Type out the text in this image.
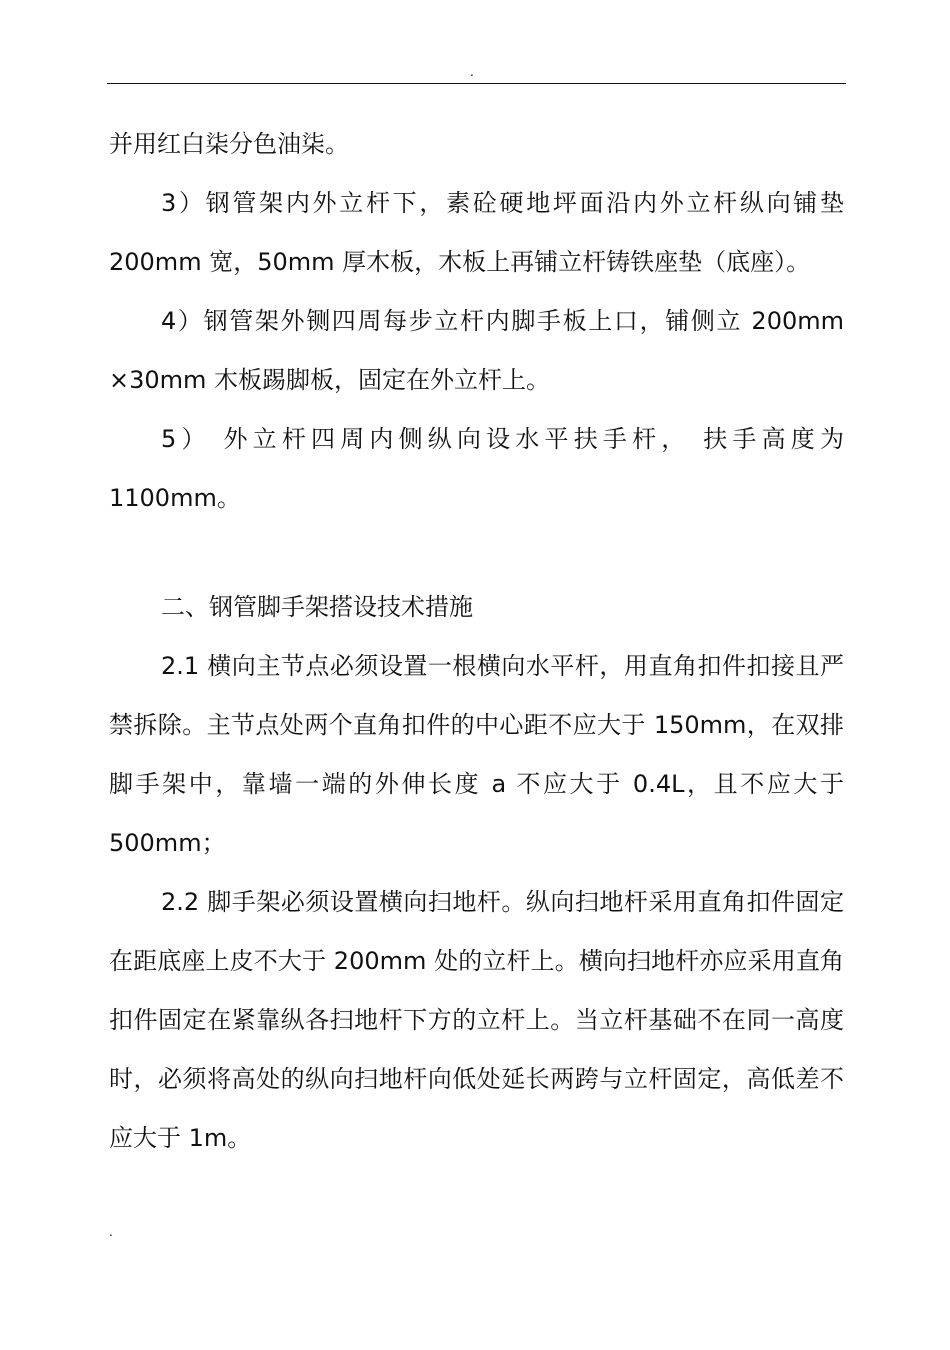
.

并用红白柒分色油柒。

3）钢管架内外立杆下，素砼硬地坪面沿内外立杆纵向铺垫200mm 宽，50mm 厚木板，木板上再铺立杆铸铁座垫（底座）。

4）钢管架外铡四周每步立杆内脚手板上口，铺侧立 200mm ×30mm 木板踢脚板，固定在外立杆上。

5） 外立杆四周内侧纵向设水平扶手杆， 扶手高度为 1100mm。

二、钢管脚手架搭设技术措施

2.1 横向主节点必须设置一根横向水平杆，用直角扣件扣接且严禁拆除。主节点处两个直角扣件的中心距不应大于 150mm，在双排脚手架中，靠墙一端的外伸长度 a 不应大于 0.4L，且不应大于 500mm；

2.2 脚手架必须设置横向扫地杆。纵向扫地杆采用直角扣件固定在距底座上皮不大于 200mm 处的立杆上。横向扫地杆亦应采用直角扣件固定在紧靠纵各扫地杆下方的立杆上。当立杆基础不在同一高度时，必须将高处的纵向扫地杆向低处延长两跨与立杆固定，高低差不应大于 1m。

.
